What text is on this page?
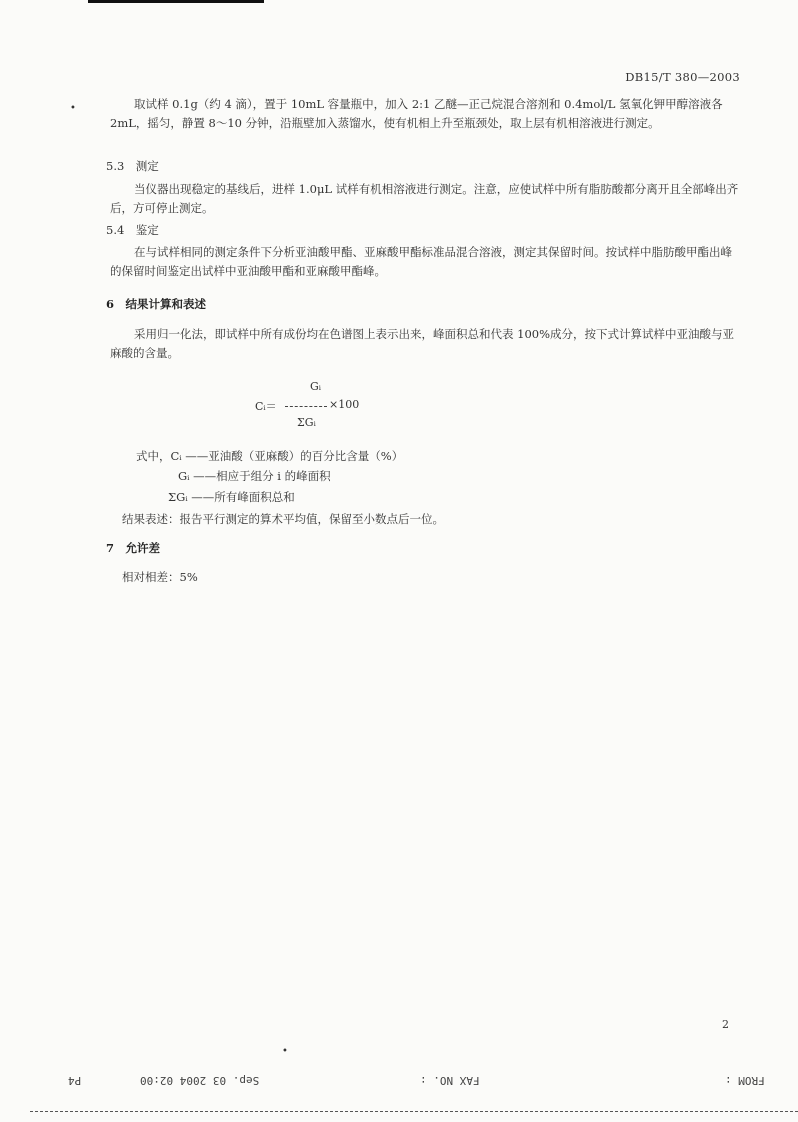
DB15/T 380—2003
•	取试样 0.1g（约 4 滴），置于 10mL 容量瓶中，加入 2:1 乙醚—正己烷混合溶剂和 0.4mol/L 氢氧化钾甲醇溶液各 2mL，摇匀，静置 8～10 分钟，沿瓶壁加入蒸馏水，使有机相上升至瓶颈处，取上层有机相溶液进行测定。

5.3　测定

当仪器出现稳定的基线后，进样 1.0μL 试样有机相溶液进行测定。注意，应使试样中所有脂肪酸都分离开且全部峰出齐后，方可停止测定。

5.4　鉴定

在与试样相同的测定条件下分析亚油酸甲酯、亚麻酸甲酯标准品混合溶液，测定其保留时间。按试样中脂肪酸甲酯出峰的保留时间鉴定出试样中亚油酸甲酯和亚麻酸甲酯峰。

6　结果计算和表述

采用归一化法，即试样中所有成份均在色谱图上表示出来，峰面积总和代表 100%成分，按下式计算试样中亚油酸与亚麻酸的含量。

Gᵢ
Cᵢ＝	×100
ΣGᵢ

式中，Cᵢ ——亚油酸（亚麻酸）的百分比含量（%）

Gᵢ ——相应于组分 i 的峰面积

ΣGᵢ ——所有峰面积总和

结果表述：报告平行测定的算术平均值，保留至小数点后一位。

7　允许差

相对相差：5%

2
•
FROM :
FAX NO. :
Sep. 03 2004 02:00
P4
